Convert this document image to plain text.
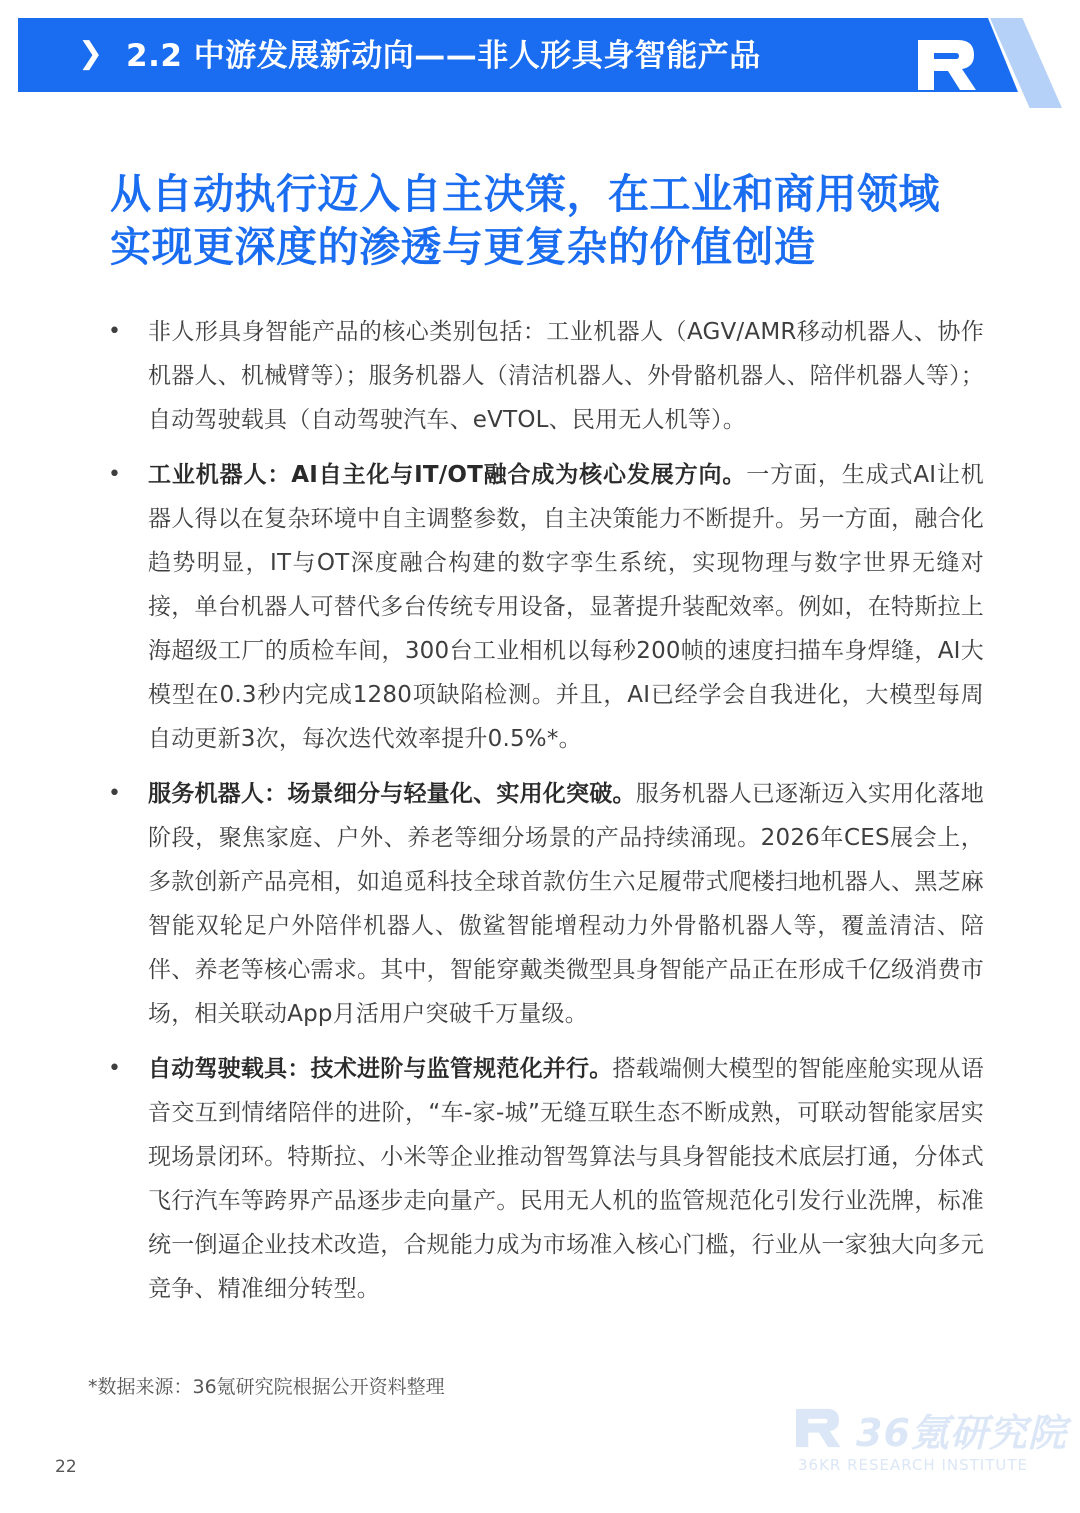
❯ 2.2 中游发展新动向——非人形具身智能产品
从自动执行迈入自主决策，在工业和商用领域
实现更深度的渗透与更复杂的价值创造
• 非人形具身智能产品的核心类别包括：工业机器人（AGV/AMR移动机器人、协作机器人、机械臂等）；服务机器人（清洁机器人、外骨骼机器人、陪伴机器人等）；自动驾驶载具（自动驾驶汽车、eVTOL、民用无人机等）。
• 工业机器人：AI自主化与IT/OT融合成为核心发展方向。一方面，生成式AI让机器人得以在复杂环境中自主调整参数，自主决策能力不断提升。另一方面，融合化趋势明显，IT与OT深度融合构建的数字孪生系统，实现物理与数字世界无缝对接，单台机器人可替代多台传统专用设备，显著提升装配效率。例如，在特斯拉上海超级工厂的质检车间，300台工业相机以每秒200帧的速度扫描车身焊缝，AI大模型在0.3秒内完成1280项缺陷检测。并且，AI已经学会自我进化，大模型每周自动更新3次，每次迭代效率提升0.5%*。
• 服务机器人：场景细分与轻量化、实用化突破。服务机器人已逐渐迈入实用化落地阶段，聚焦家庭、户外、养老等细分场景的产品持续涌现。2026年CES展会上，多款创新产品亮相，如追觅科技全球首款仿生六足履带式爬楼扫地机器人、黑芝麻智能双轮足户外陪伴机器人、傲鲨智能增程动力外骨骼机器人等，覆盖清洁、陪伴、养老等核心需求。其中，智能穿戴类微型具身智能产品正在形成千亿级消费市场，相关联动App月活用户突破千万量级。
• 自动驾驶载具：技术进阶与监管规范化并行。搭载端侧大模型的智能座舱实现从语音交互到情绪陪伴的进阶，“车-家-城”无缝互联生态不断成熟，可联动智能家居实现场景闭环。特斯拉、小米等企业推动智驾算法与具身智能技术底层打通，分体式飞行汽车等跨界产品逐步走向量产。民用无人机的监管规范化引发行业洗牌，标准统一倒逼企业技术改造，合规能力成为市场准入核心门槛，行业从一家独大向多元竞争、精准细分转型。
*数据来源：36氪研究院根据公开资料整理
22
36氪研究院
36KR RESEARCH INSTITUTE
